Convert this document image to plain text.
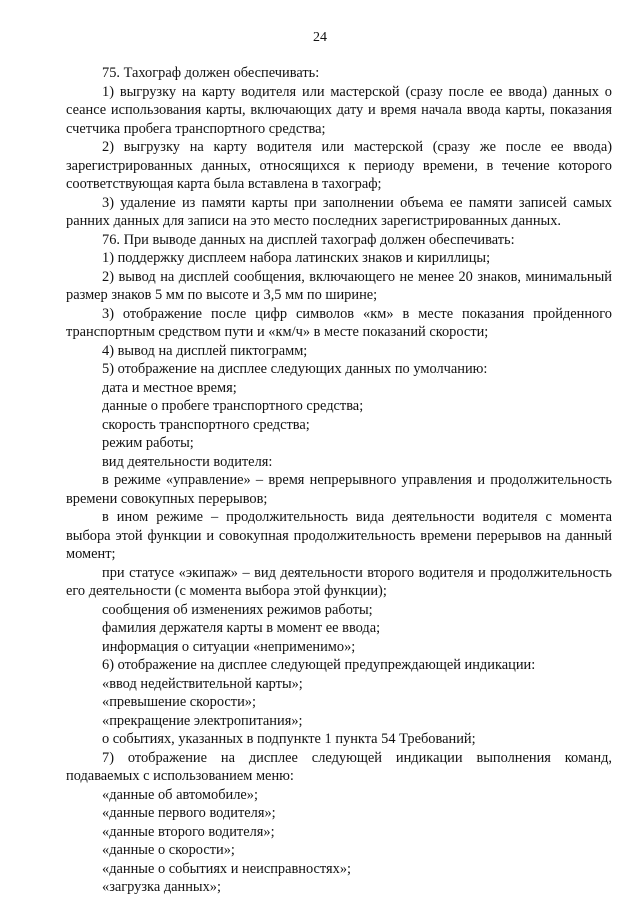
24

75. Тахограф должен обеспечивать:

1) выгрузку на карту водителя или мастерской (сразу после ее ввода) данных о сеансе использования карты, включающих дату и время начала ввода карты, показания счетчика пробега транспортного средства;

2) выгрузку на карту водителя или мастерской (сразу же после ее ввода) зарегистрированных данных, относящихся к периоду времени, в течение которого соответствующая карта была вставлена в тахограф;

3) удаление из памяти карты при заполнении объема ее памяти записей самых ранних данных для записи на это место последних зарегистрированных данных.

76. При выводе данных на дисплей тахограф должен обеспечивать:

1) поддержку дисплеем набора латинских знаков и кириллицы;

2) вывод на дисплей сообщения, включающего не менее 20 знаков, минимальный размер знаков 5 мм по высоте и 3,5 мм по ширине;

3) отображение после цифр символов «км» в месте показания пройденного транспортным средством пути и «км/ч» в месте показаний скорости;

4) вывод на дисплей пиктограмм;

5) отображение на дисплее следующих данных по умолчанию:

дата и местное время;

данные о пробеге транспортного средства;

скорость транспортного средства;

режим работы;

вид деятельности водителя:

в режиме «управление» – время непрерывного управления и продолжительность времени совокупных перерывов;

в ином режиме – продолжительность вида деятельности водителя с момента выбора этой функции и совокупная продолжительность времени перерывов на данный момент;

при статусе «экипаж» – вид деятельности второго водителя и продолжительность его деятельности (с момента выбора этой функции);

сообщения об изменениях режимов работы;

фамилия держателя карты в момент ее ввода;

информация о ситуации «неприменимо»;

6) отображение на дисплее следующей предупреждающей индикации:

«ввод недействительной карты»;

«превышение скорости»;

«прекращение электропитания»;

о событиях, указанных в подпункте 1 пункта 54 Требований;

7) отображение на дисплее следующей индикации выполнения команд, подаваемых с использованием меню:

«данные об автомобиле»;

«данные первого водителя»;

«данные второго водителя»;

«данные о скорости»;

«данные о событиях и неисправностях»;

«загрузка данных»;
